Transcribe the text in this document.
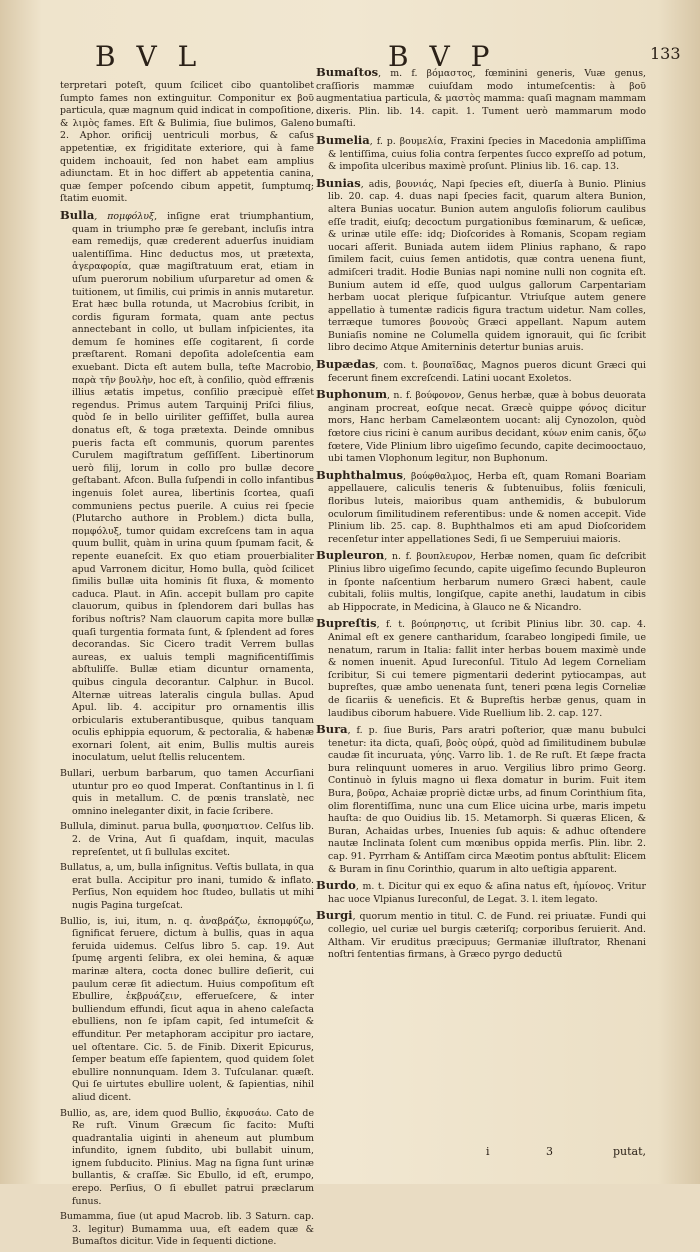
B V L	B V P	133

terpretari poteſt, quum ſcilicet cibo quantolibet ſumpto fames non extinguitur. Componitur ex βοῦ particula, quæ magnum quid indicat in compoſitione, & λιμὸς fames. Eſt & Bulimia, ſiue bulimos, Galeno 2. Aphor. orificij uentriculi morbus, & caſus appetentiæ, ex frigiditate exteriore, qui à fame quidem inchoauit, ſed non habet eam amplius adiunctam. Et in hoc differt ab appetentia canina, quæ ſemper poſcendo cibum appetit, ſumptumq; ſtatim euomit.

Bulla, πομφόλυξ, inſigne erat triumphantium, quam in triumpho præ ſe gerebant, incluſis intra eam remedijs, quæ crederent aduerſus inuidiam ualentiſſima. Hinc deductus mos, ut prætexta, ἁγεραφορία, quæ magiſtratuum erat, etiam in uſum puerorum nobilium uſurparetur ad omen & tuitionem, ut ſimilis, cui primis in annis mutaretur. Erat hæc bulla rotunda, ut Macrobius ſcribit, in cordis figuram formata, quam ante pectus annectebant in collo, ut bullam inſpicientes, ita demum ſe homines eſſe cogitarent, ſi corde præſtarent. Romani depoſita adoleſcentia eam exuebant. Dicta eſt autem bulla, teſte Macrobio, παρὰ τῆν βουλὴν, hoc eſt, à conſilio, quòd effrænis illius ætatis impetus, conſilio præcipuè eſſet regendus. Primus autem Tarquinij Priſci filius, quòd ſe in bello uiriliter geſſiſſet, bulla aurea donatus eſt, & toga prætexta. Deinde omnibus pueris facta eſt communis, quorum parentes Curulem magiſtratum geſſiſſent. Libertinorum uerò filij, lorum in collo pro bullæ decore geſtabant. Afcon. Bulla ſuſpendi in collo infantibus ingenuis ſolet aurea, libertinis ſcortea, quaſi communiens pectus puerile. A cuius rei ſpecie (Plutarcho authore in Problem.) dicta bulla, πομφόλυξ, tumor quidam excreſcens tam in aqua quum bullit, quàm in urina quum ſpumam facit, & repente euaneſcit. Ex quo etiam prouerbialiter apud Varronem dicitur, Homo bulla, quòd ſcilicet ſimilis bullæ uita hominis ſit fluxa, & momento caduca. Plaut. in Aſin. accepit bullam pro capite clauorum, quibus in ſplendorem dari bullas has foribus noſtris? Nam clauorum capita more bullæ quaſi turgentia formata ſunt, & ſplendent ad fores decorandas. Sic Cicero tradit Verrem bullas aureas, ex ualuis templi magnificentiſſimis abſtuliſſe. Bullæ etiam dicuntur ornamenta, quibus cingula decorantur. Calphur. in Bucol. Alternæ uitreas lateralis cingula bullas. Apud Apul. lib. 4. accipitur pro ornamentis illis orbicularis extuberantibusque, quibus tanquam oculis ephippia equorum, & pectoralia, & habenæ exornari ſolent, ait enim, Bullis multis aureis inoculatum, uelut ſtellis relucentem.

Bullari, uerbum barbarum, quo tamen Accurſiani utuntur pro eo quod Imperat. Conſtantinus in l. ſi quis in metallum. C. de pœnis translatè, nec omnino ineleganter dixit, in facie ſcribere.

Bullula, diminut. parua bulla, φυσηματιον. Celſus lib. 2. de Vrina, Aut ſi quaſdam, inquit, maculas repreſentet, ut ſi bullulas excitet.

Bullatus, a, um, bulla inſignitus. Veſtis bullata, in qua erat bulla. Accipitur pro inani, tumido & inflato. Perſius, Non equidem hoc ſtudeo, bullatis ut mihi nugis Pagina turgeſcat.

Bullio, is, iui, itum, n. q. ἀναβράζω, ἐκπομφύζω, ſignificat feruere, dictum à bullis, quas in aqua feruida uidemus. Celſus libro 5. cap. 19. Aut ſpumę argenti ſelibra, ex olei hemina, & aquæ marinæ altera, cocta donec bullire deſierit, cui paulum ceræ ſit adiectum. Huius compoſitum eſt Ebullire, ἐκβρυάζειν, efferueſcere, & inter bulliendum effundi, ſicut aqua in aheno caleſacta ebulliens, non ſe ipſam capit, ſed intumeſcit & effunditur. Per metaphoram accipitur pro iactare, uel oſtentare. Cic. 5. de Finib. Dixerit Epicurus, ſemper beatum eſſe ſapientem, quod quidem ſolet ebullire nonnunquam. Idem 3. Tuſculanar. quæſt. Qui ſe uirtutes ebullire uolent, & ſapientias, nihil aliud dicent.

Bullio, as, are, idem quod Bullio, ἐκφυσάω. Cato de Re ruſt. Vinum Græcum ſic facito: Muſti quadrantalia uiginti in aheneum aut plumbum infundito, ignem ſubdito, ubi bullabit uinum, ignem ſubducito. Plinius. Mag na ſigna ſunt urinæ bullantis, & craſſæ. Sic Ebullo, id eſt, erumpo, erepo. Perſius, O ſi ebullet patrui præclarum funus.

Bumamma, ſiue (ut apud Macrob. lib. 3 Saturn. cap. 3. legitur) Bumamma uua, eſt eadem quæ & Bumaſtos dicitur. Vide in ſequenti dictione.

Bumaſtos, m. f. βόμαστος, fœminini generis, Vuæ genus, craſſioris mammæ cuiuſdam modo intumeſcentis: à βοῦ augmentatiua particula, & μαστὸς mamma: quaſi magnam mammam dixeris. Plin. lib. 14. capit. 1. Tument uerò mammarum modo bumaſti.

Bumelia, f. p. βουμελία, Fraxini ſpecies in Macedonia ampliſſima & lentiſſima, cuius folia contra ſerpentes ſucco expreſſo ad potum, & impoſita ulceribus maximè proſunt. Plinius lib. 16. cap. 13.

Bunias, adis, βουνιάς, Napi ſpecies eſt, diuerſa à Bunio. Plinius lib. 20. cap. 4. duas napi ſpecies facit, quarum altera Bunion, altera Bunias uocatur. Bunion autem anguloſis foliorum caulibus eſſe tradit, eiuſq; decoctum purgationibus fœminarum, & ueſicæ, & urinæ utile eſſe: idq; Dioſcorides à Romanis, Scopam regiam uocari aſſerit. Buniada autem iidem Plinius raphano, & rapo ſimilem facit, cuius ſemen antidotis, quæ contra uenena fiunt, admiſceri tradit. Hodie Bunias napi nomine nulli non cognita eſt. Bunium autem id eſſe, quod uulgus gallorum Carpentariam herbam uocat plerique ſuſpicantur. Vtriuſque autem genere appellatio à tumentæ radicis figura tractum uidetur. Nam colles, terræque tumores βουνοὺς Græci appellant. Napum autem Buniaſis nomine ne Columella quidem ignorauit, qui ſic ſcribit libro decimo Atque Amiterninis detertur bunias aruis.

Bupædas, com. t. βουπαῖδας, Magnos pueros dicunt Græci qui fecerunt finem excreſcendi. Latini uocant Exoletos.

Buphonum, n. f. βούφονον, Genus herbæ, quæ à bobus deuorata anginam procreat, eoſque necat. Græcè quippe φόνος dicitur mors, Hanc herbam Camelæontem uocant: alij Cynozolon, quòd fœtore cius ricini è canum auribus decidant, κύων enim canis, ὄζω fœtere, Vide Plinium libro uigeſimo ſecundo, capite decimooctauo, ubi tamen Vlophonum legitur, non Buphonum.

Buphthalmus, βούφθαλμος, Herba eſt, quam Romani Boariam appellauere, caliculis teneris & ſubtenuibus, foliis fœniculi, floribus luteis, maioribus quam anthemidis, & bubulorum oculorum ſimilitudinem referentibus: unde & nomen accepit. Vide Plinium lib. 25. cap. 8. Buphthalmos eti am apud Dioſcoridem recenſetur inter appellationes Sedi, ſi ue Semperuiui maioris.

Bupleuron, n. f. βουπλευρον, Herbæ nomen, quam ſic deſcribit Plinius libro uigeſimo ſecundo, capite uigeſimo ſecundo Bupleuron in ſponte naſcentium herbarum numero Græci habent, caule cubitali, foliis multis, longiſque, capite anethi, laudatum in cibis ab Hippocrate, in Medicina, à Glauco ne & Nicandro.

Bupreſtis, f. t. βούπρηστις, ut ſcribit Plinius libr. 30. cap. 4. Animal eſt ex genere cantharidum, ſcarabeo longipedi ſimile, ue nenatum, rarum in Italia: fallit inter herbas bouem maximè unde & nomen inuenit. Apud Iureconſul. Titulo Ad legem Corneliam ſcribitur, Si cui temere pigmentarii dederint pytiocampas, aut bupreſtes, quæ ambo uenenata ſunt, teneri pœna legis Corneliæ de ſicariis & ueneficis. Et & Bupreſtis herbæ genus, quam in laudibus ciborum habuere. Vide Ruellium lib. 2. cap. 127.

Bura, f. p. ſiue Buris, Pars aratri poſterior, quæ manu bubulci tenetur: ita dicta, quaſi, βοὸς οὐρά, quòd ad ſimilitudinem bubulæ caudæ ſit incuruata, γύης. Varro lib. 1. de Re ruſt. Et ſæpe fracta bura relinquunt uomeres in aruo. Vergilius libro primo Georg. Continuò in ſyluis magno ui flexa domatur in burim. Fuit item Bura, βοῦρα, Achaiæ propriè dictæ urbs, ad finum Corinthium ſita, olim florentiſſima, nunc una cum Elice uicina urbe, maris impetu hauſta: de quo Ouidius lib. 15. Metamorph. Si quæras Elicen, & Buran, Achaidas urbes, Inuenies ſub aquis: & adhuc oſtendere nautæ Inclinata ſolent cum mœnibus oppida merſis. Plin. libr. 2. cap. 91. Pyrrham & Antiſſam circa Mæotim pontus abſtulit: Elicem & Buram in ſinu Corinthio, quarum in alto ueſtigia apparent.

Burdo, m. t. Dicitur qui ex equo & aſina natus eſt, ἡμίονος. Vritur hac uoce Vlpianus Iureconſul, de Legat. 3. l. item legato.

Burgi, quorum mentio in titul. C. de Fund. rei priuatæ. Fundi qui collegio, uel curiæ uel burgis cæteriſq; corporibus ſeruierit. And. Altham. Vir eruditus præcipuus; Germaniæ illuſtrator, Rhenani noſtri ſententias firmans, à Græco pyrgo deductū

i	3	putat,
